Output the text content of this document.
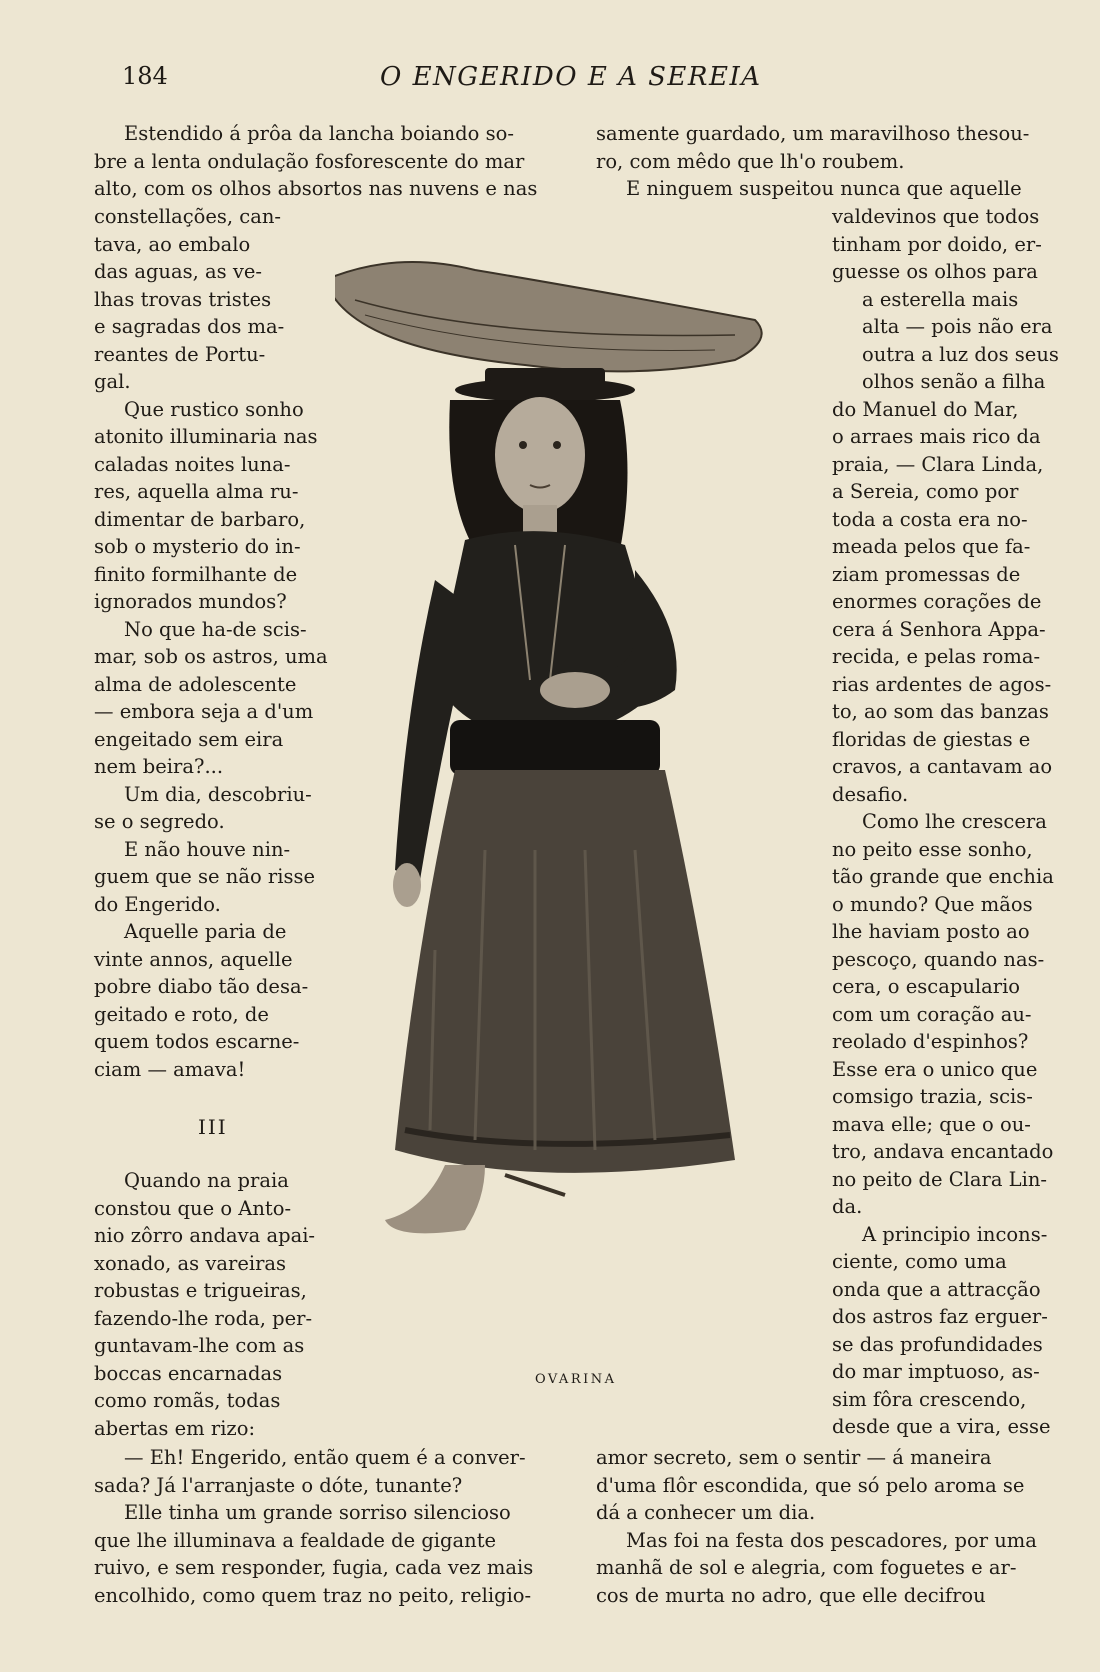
184	O ENGERIDO E A SEREIA
Estendido á prôa da lancha boiando so-
bre a lenta ondulação fosforescente do mar
alto, com os olhos absortos nas nuvens e nas
constellações, can-
tava, ao embalo
das aguas, as ve-
lhas trovas tristes
e sagradas dos ma-
reantes de Portu-
gal.
Que rustico sonho
atonito illuminaria nas
caladas noites luna-
res, aquella alma ru-
dimentar de barbaro,
sob o mysterio do in-
finito formilhante de
ignorados mundos?
No que ha-de scis-
mar, sob os astros, uma
alma de adolescente
— embora seja a d'um
engeitado sem eira
nem beira?...
Um dia, descobriu-
se o segredo.
E não houve nin-
guem que se não risse
do Engerido.
Aquelle paria de
vinte annos, aquelle
pobre diabo tão desa-
geitado e roto, de
quem todos escarne-
ciam — amava!
III
Quando na praia
constou que o Anto-
nio zôrro andava apai-
xonado, as vareiras
robustas e trigueiras,
fazendo-lhe roda, per-
guntavam-lhe com as
boccas encarnadas
como romãs, todas
abertas em rizo:
— Eh! Engerido, então quem é a conver-
sada? Já l'arranjaste o dóte, tunante?
Elle tinha um grande sorriso silencioso
que lhe illuminava a fealdade de gigante
ruivo, e sem responder, fugia, cada vez mais
encolhido, como quem traz no peito, religio-
samente guardado, um maravilhoso thesou-
ro, com mêdo que lh'o roubem.
E ninguem suspeitou nunca que aquelle
valdevinos que todos
tinham por doido, er-
guesse os olhos para
a esterella mais
alta — pois não era
outra a luz dos seus
olhos senão a filha
do Manuel do Mar,
o arraes mais rico da
praia, — Clara Linda,
a Sereia, como por
toda a costa era no-
meada pelos que fa-
ziam promessas de
enormes corações de
cera á Senhora Appa-
recida, e pelas roma-
rias ardentes de agos-
to, ao som das banzas
floridas de giestas e
cravos, a cantavam ao
desafio.
Como lhe crescera
no peito esse sonho,
tão grande que enchia
o mundo? Que mãos
lhe haviam posto ao
pescoço, quando nas-
cera, o escapulario
com um coração au-
reolado d'espinhos?
Esse era o unico que
comsigo trazia, scis-
mava elle; que o ou-
tro, andava encantado
no peito de Clara Lin-
da.
A principio incons-
ciente, como uma
onda que a attracção
dos astros faz erguer-
se das profundidades
do mar imptuoso, as-
sim fôra crescendo,
desde que a vira, esse
amor secreto, sem o sentir — á maneira
d'uma flôr escondida, que só pelo aroma se
dá a conhecer um dia.
Mas foi na festa dos pescadores, por uma
manhã de sol e alegria, com foguetes e ar-
cos de murta no adro, que elle decifrou
OVARINA
